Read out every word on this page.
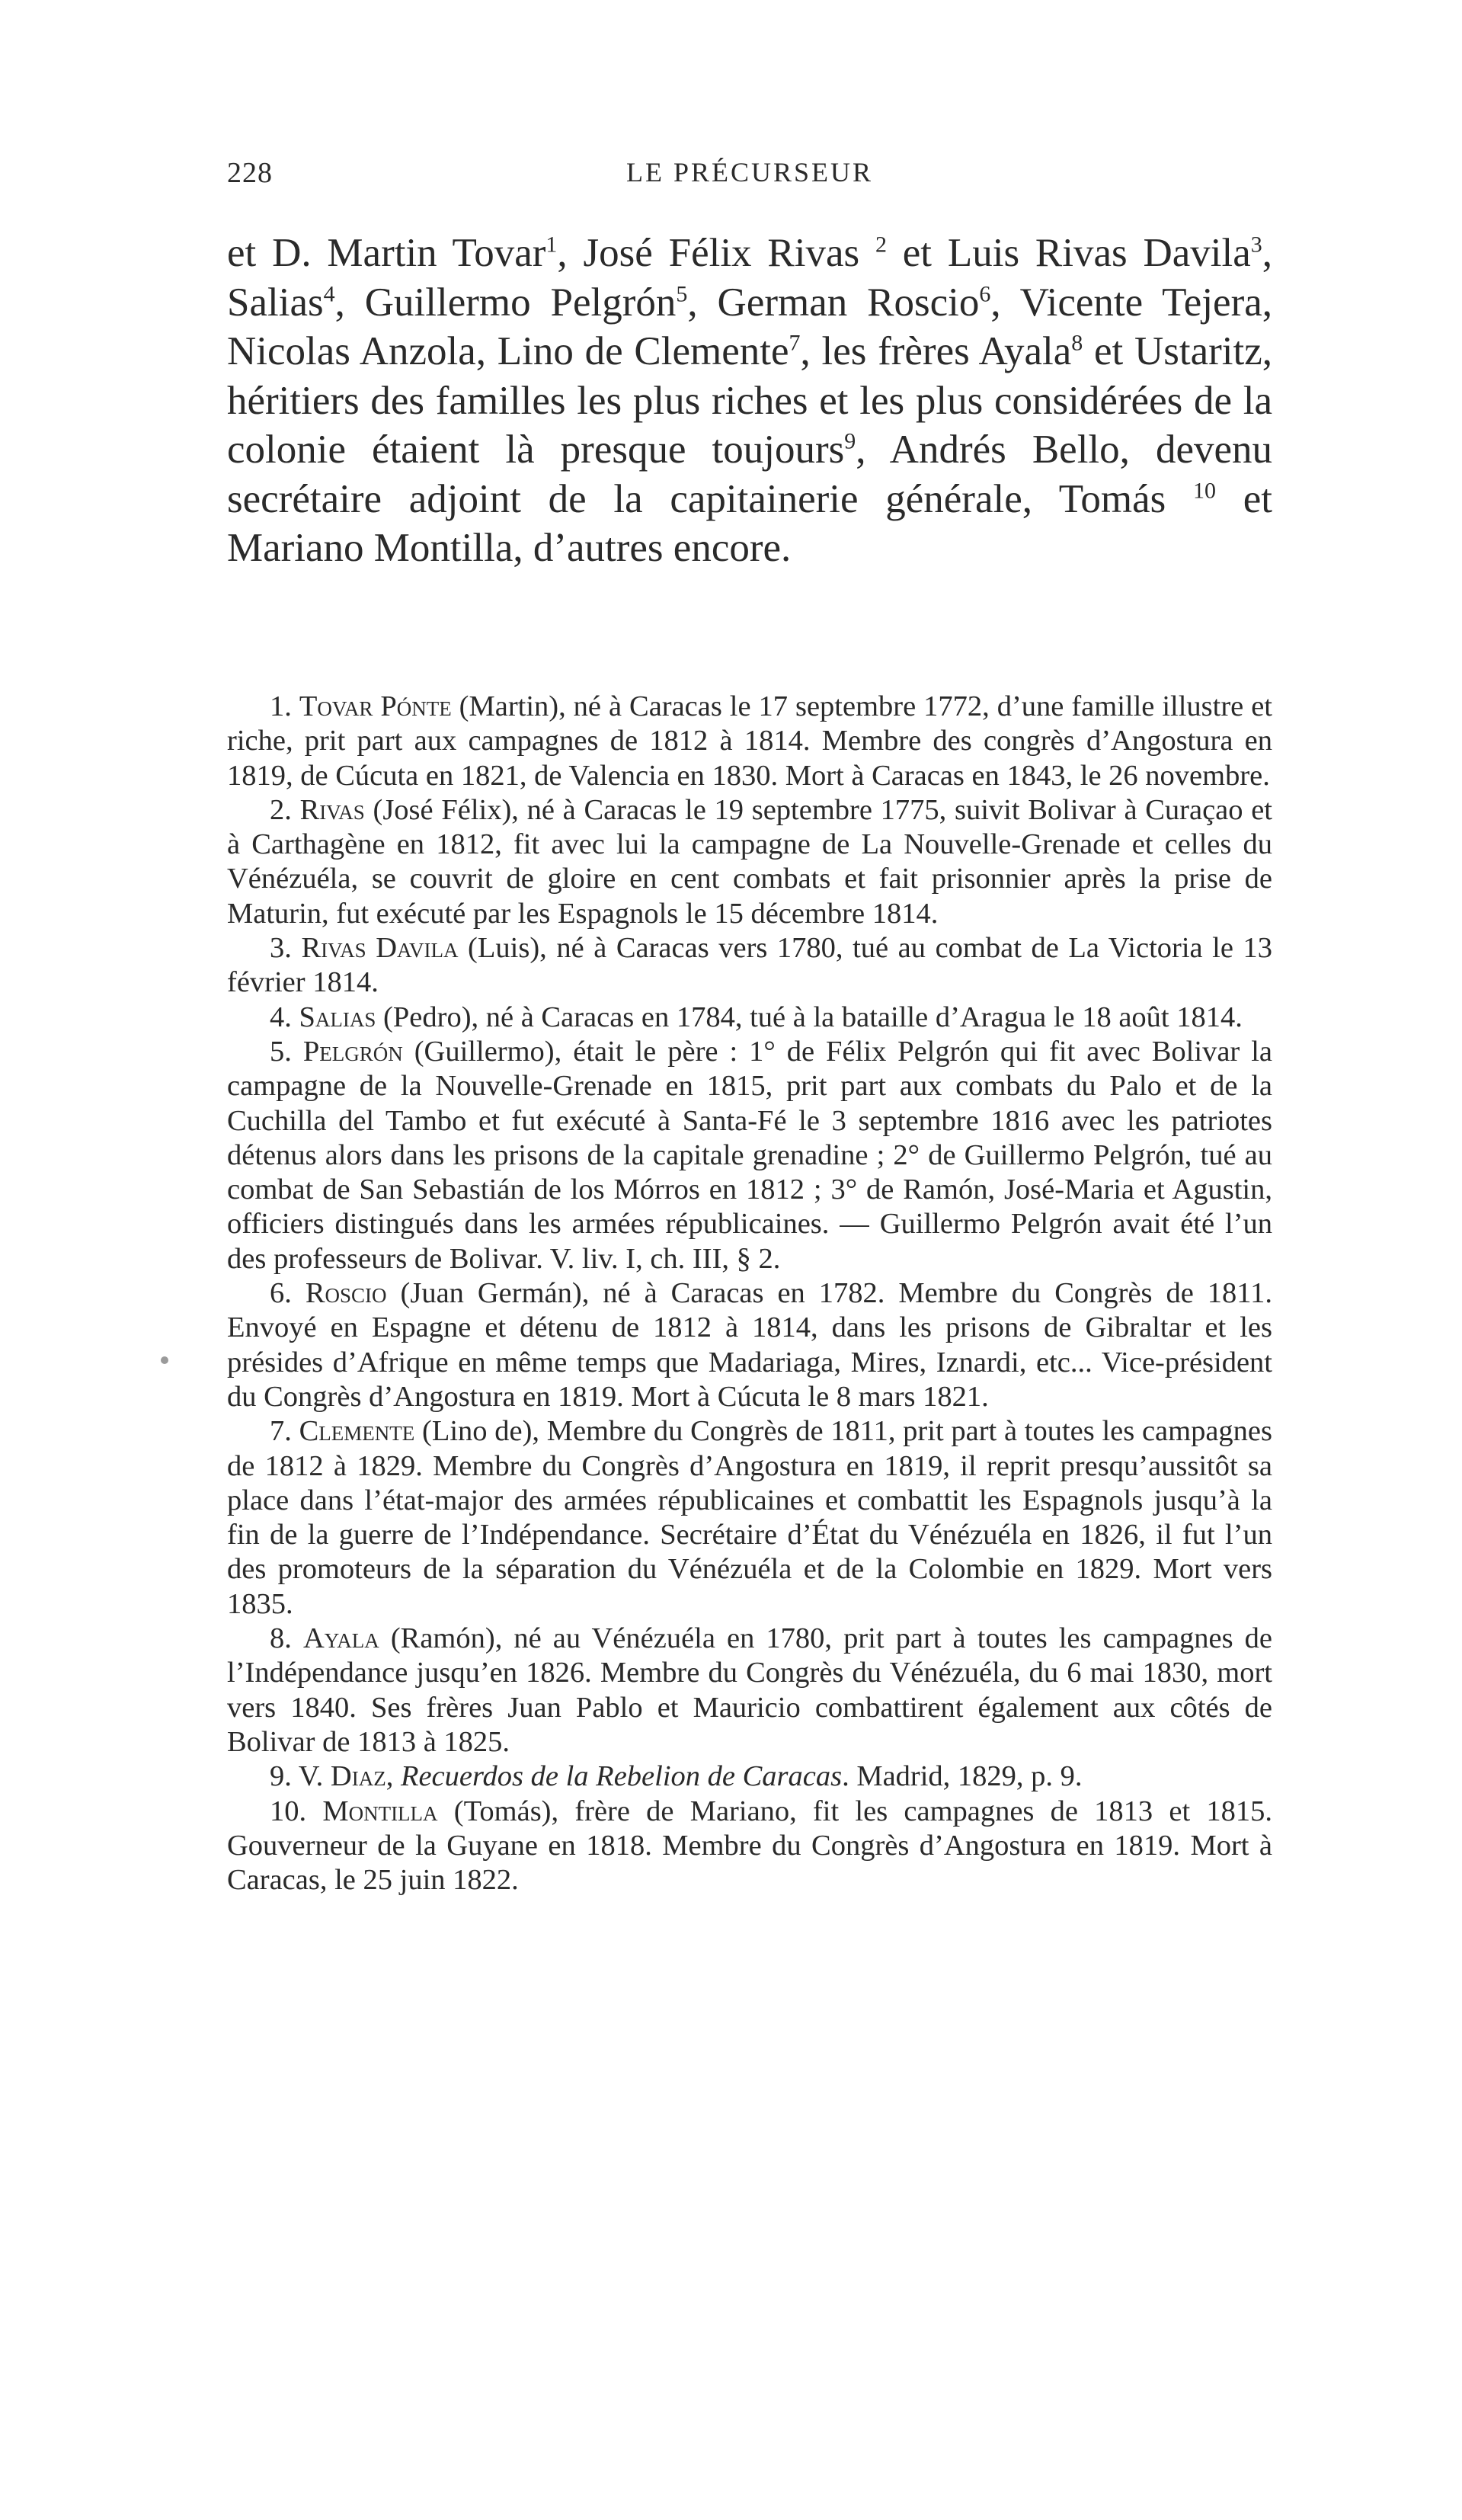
228	LE PRÉCURSEUR

et D. Martin Tovar$^1$, José Félix Rivas $^2$ et Luis Rivas Davila$^3$, Salias$^4$, Guillermo Pelgrón$^5$, German Roscio$^6$, Vicente Tejera, Nicolas Anzola, Lino de Clemente$^7$, les frères Ayala$^8$ et Ustaritz, héritiers des familles les plus riches et les plus considérées de la colonie étaient là presque toujours$^9$, Andrés Bello, devenu secrétaire adjoint de la capitainerie générale, Tomás $^{10}$ et Mariano Montilla, d’autres encore.

1. Tovar Pónte (Martin), né à Caracas le 17 septembre 1772, d’une famille illustre et riche, prit part aux campagnes de 1812 à 1814. Membre des congrès d’Angostura en 1819, de Cúcuta en 1821, de Valencia en 1830. Mort à Caracas en 1843, le 26 novembre.

2. Rivas (José Félix), né à Caracas le 19 septembre 1775, suivit Bolivar à Curaçao et à Carthagène en 1812, fit avec lui la campagne de La Nouvelle-Grenade et celles du Vénézuéla, se couvrit de gloire en cent combats et fait prisonnier après la prise de Maturin, fut exécuté par les Espagnols le 15 décembre 1814.

3. Rivas Davila (Luis), né à Caracas vers 1780, tué au combat de La Victoria le 13 février 1814.

4. Salias (Pedro), né à Caracas en 1784, tué à la bataille d’Aragua le 18 août 1814.

5. Pelgrón (Guillermo), était le père : 1° de Félix Pelgrón qui fit avec Bolivar la campagne de la Nouvelle-Grenade en 1815, prit part aux combats du Palo et de la Cuchilla del Tambo et fut exécuté à Santa-Fé le 3 septembre 1816 avec les patriotes détenus alors dans les prisons de la capitale grenadine ; 2° de Guillermo Pelgrón, tué au combat de San Sebastián de los Mórros en 1812 ; 3° de Ramón, José-Maria et Agustin, officiers distingués dans les armées républicaines. — Guillermo Pelgrón avait été l’un des professeurs de Bolivar. V. liv. I, ch. III, § 2.

6. Roscio (Juan Germán), né à Caracas en 1782. Membre du Congrès de 1811. Envoyé en Espagne et détenu de 1812 à 1814, dans les prisons de Gibraltar et les présides d’Afrique en même temps que Madariaga, Mires, Iznardi, etc... Vice-président du Congrès d’Angostura en 1819. Mort à Cúcuta le 8 mars 1821.

7. Clemente (Lino de), Membre du Congrès de 1811, prit part à toutes les campagnes de 1812 à 1829. Membre du Congrès d’Angostura en 1819, il reprit presqu’aussitôt sa place dans l’état-major des armées républicaines et combattit les Espagnols jusqu’à la fin de la guerre de l’Indépendance. Secrétaire d’État du Vénézuéla en 1826, il fut l’un des promoteurs de la séparation du Vénézuéla et de la Colombie en 1829. Mort vers 1835.

8. Ayala (Ramón), né au Vénézuéla en 1780, prit part à toutes les campagnes de l’Indépendance jusqu’en 1826. Membre du Congrès du Vénézuéla, du 6 mai 1830, mort vers 1840. Ses frères Juan Pablo et Mauricio combattirent également aux côtés de Bolivar de 1813 à 1825.

9. V. Diaz, Recuerdos de la Rebelion de Caracas. Madrid, 1829, p. 9.

10. Montilla (Tomás), frère de Mariano, fit les campagnes de 1813 et 1815. Gouverneur de la Guyane en 1818. Membre du Congrès d’Angostura en 1819. Mort à Caracas, le 25 juin 1822.
